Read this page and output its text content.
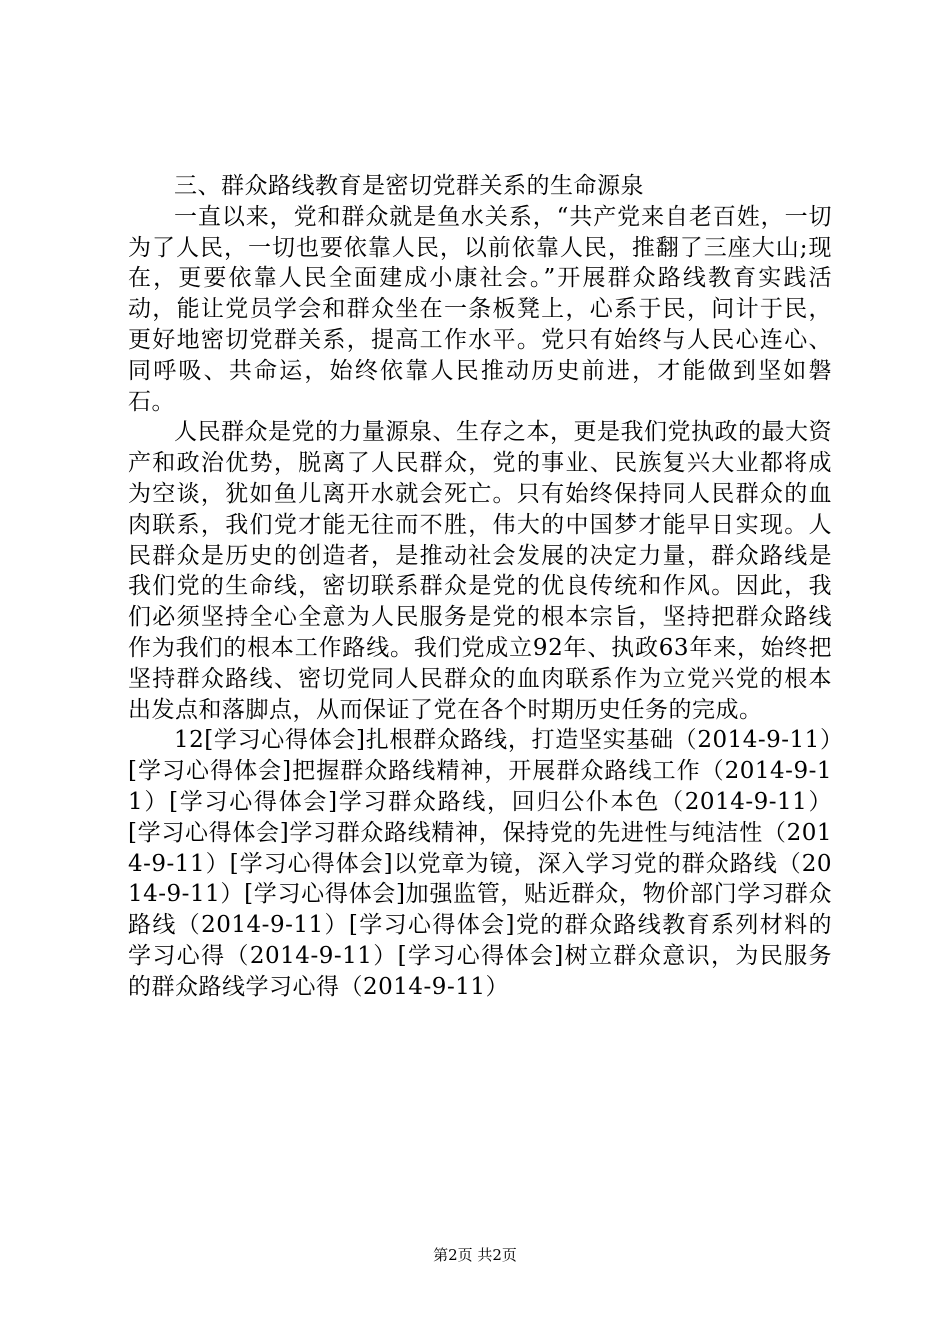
三、群众路线教育是密切党群关系的生命源泉

一直以来，党和群众就是鱼水关系，“共产党来自老百姓，一切为了人民，一切也要依靠人民，以前依靠人民，推翻了三座大山;现在，更要依靠人民全面建成小康社会。”开展群众路线教育实践活动，能让党员学会和群众坐在一条板凳上，心系于民，问计于民，更好地密切党群关系，提高工作水平。党只有始终与人民心连心、同呼吸、共命运，始终依靠人民推动历史前进，才能做到坚如磐石。

人民群众是党的力量源泉、生存之本，更是我们党执政的最大资产和政治优势，脱离了人民群众，党的事业、民族复兴大业都将成为空谈，犹如鱼儿离开水就会死亡。只有始终保持同人民群众的血肉联系，我们党才能无往而不胜，伟大的中国梦才能早日实现。人民群众是历史的创造者，是推动社会发展的决定力量，群众路线是我们党的生命线，密切联系群众是党的优良传统和作风。因此，我们必须坚持全心全意为人民服务是党的根本宗旨，坚持把群众路线作为我们的根本工作路线。我们党成立92年、执政63年来，始终把坚持群众路线、密切党同人民群众的血肉联系作为立党兴党的根本出发点和落脚点，从而保证了党在各个时期历史任务的完成。

12[学习心得体会]扎根群众路线，打造坚实基础（2014-9-11）[学习心得体会]把握群众路线精神，开展群众路线工作（2014-9-11）[学习心得体会]学习群众路线，回归公仆本色（2014-9-11）[学习心得体会]学习群众路线精神，保持党的先进性与纯洁性（2014-9-11）[学习心得体会]以党章为镜，深入学习党的群众路线（2014-9-11）[学习心得体会]加强监管，贴近群众，物价部门学习群众路线（2014-9-11）[学习心得体会]党的群众路线教育系列材料的学习心得（2014-9-11）[学习心得体会]树立群众意识，为民服务的群众路线学习心得（2014-9-11）

第2页 共2页
